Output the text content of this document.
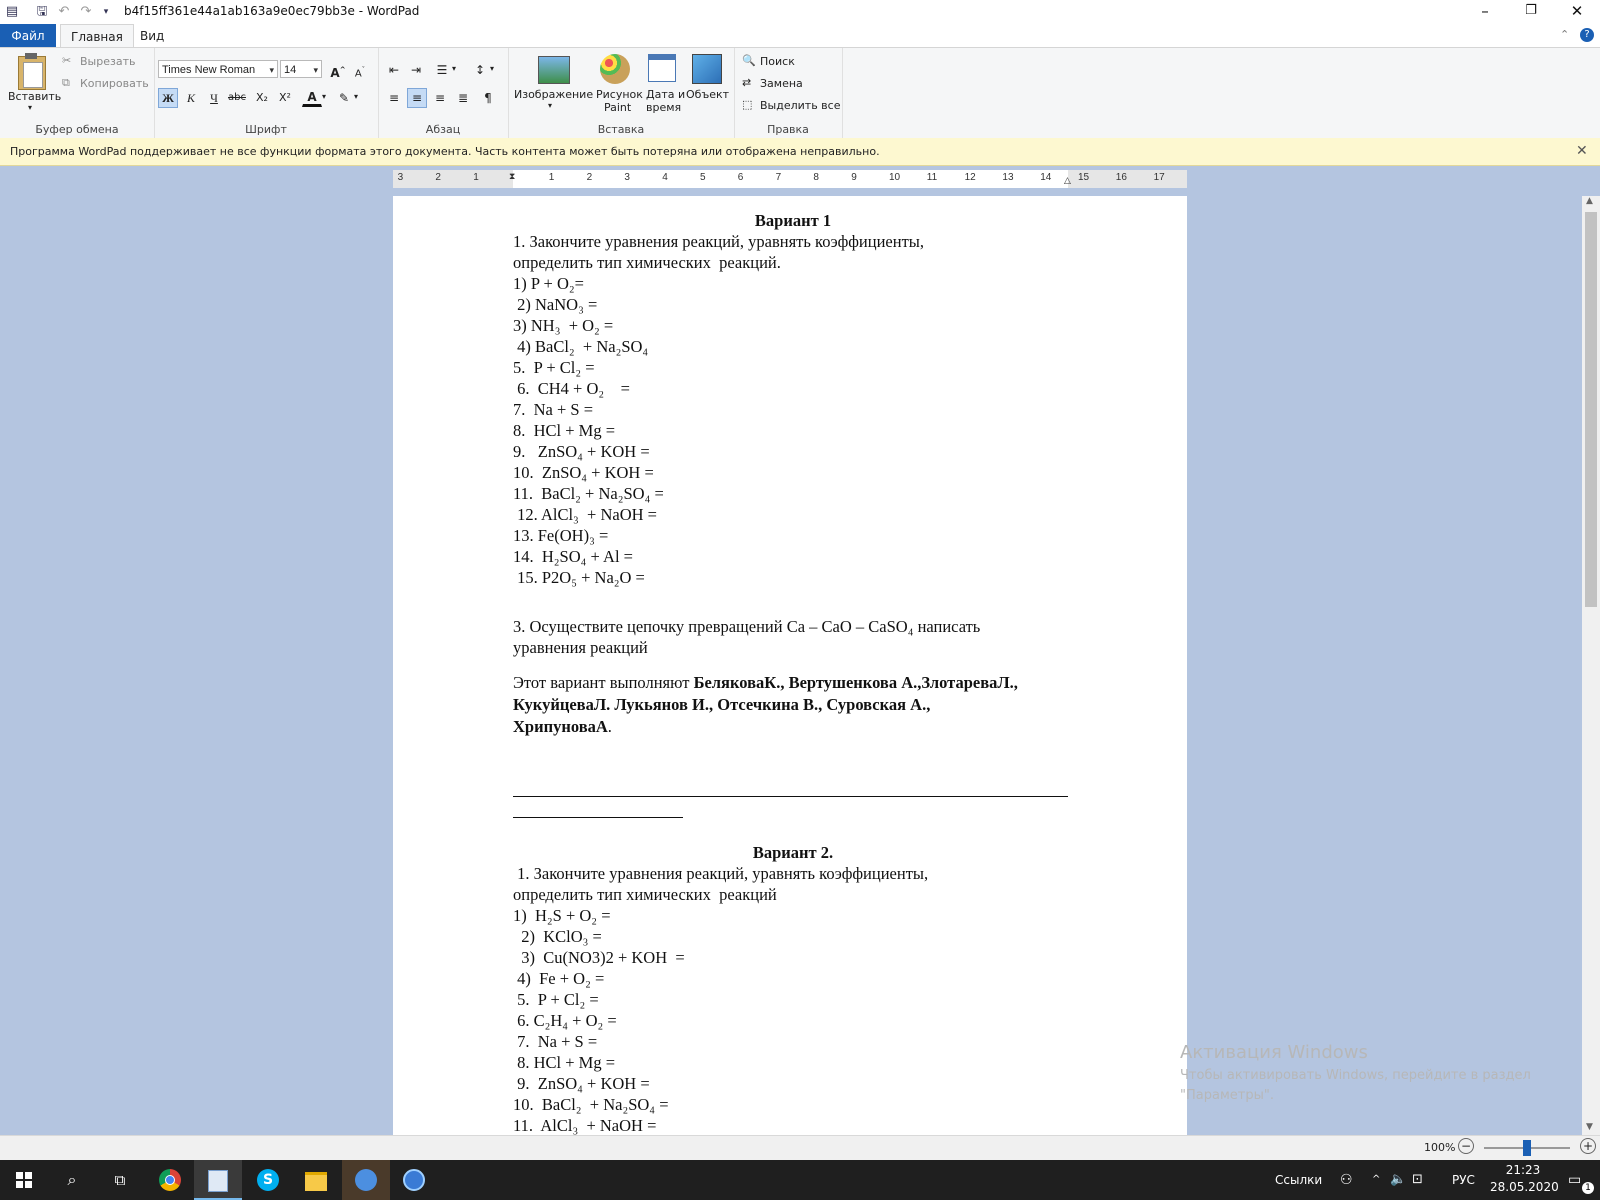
▤ 🖫 ↶ ↷	▾	b4f15ff361e44a1ab163a9e0ec79bb3e - WordPad	–	❐	✕
Файл	Главная	Вид	⌃	?
Вставить
▾
✂ Вырезать
⧉ Копировать
Буфер обмена
Times New Roman ▾ 14 ▾ A^ $A^ˇ$
Ж	К	Ч	abc X₂	X²	A ▾	✎ ▾
Шрифт
⇤ ⇥	☰ ▾	↕ ▾
≡	≡	≡	≣	¶
Абзац
Изображение
▾
Рисунок
Paint
Дата и
время
Объект
Вставка
🔍 Поиск
⇄ Замена
⬚ Выделить все
Правка
Программа WordPad поддерживает не все функции формата этого документа. Часть контента может быть потеряна или отображена неправильно.	✕
⧗	△
3	2	1	1	2	3	4	5	6	7	8	9	10	11	12	13	14	15	16	17
Вариант 1
1. Закончите уравнения реакций, уравнять коэффициенты,
определить тип химических  реакций.
1) P + O₂=
2) NaNO₃ =
3) NH₃  + O₂ =
4) BaCl₂  + Na₂SO₄
5.  P + Cl₂ =
6.  CH4 + O₂    =
7.  Na + S =
8.  HCl + Mg =
9.   ZnSO₄ + KOH =
10.  ZnSO₄ + KOH =
11.  BaCl₂ + Na₂SO₄ =
12. AlCl₃  + NaOH =
13. Fe(OH)₃ =
14.  H₂SO₄ + Al =
15. P2O₅ + Na₂O =
3. Осуществите цепочку превращений Ca – CaO – CaSO₄ написать
уравнения реакций
Этот вариант выполняют БеляковаК., Вертушенкова А.,ЗлотареваЛ., КукуйцеваЛ. Лукьянов И., Отсечкина В., Суровская А., ХрипуноваА.
Вариант 2.
1. Закончите уравнения реакций, уравнять коэффициенты,
определить тип химических  реакций
1)  H₂S + O₂ =
2)  KClO₃ =
3)  Cu(NO3)2 + KOH  =
4)  Fe + O₂ =
5.  P + Cl₂ =
6. C₂H₄ + O₂ =
7.  Na + S =
8. HCl + Mg =
9.  ZnSO₄ + KOH =
10.  BaCl₂  + Na₂SO₄ =
11.  AlCl₃  + NaOH =
Активация Windows
Чтобы активировать Windows, перейдите в раздел
"Параметры".
▲
▼
100% −	+
⌕	⧉	S	Ссылки ⚇ ^ 🔈 ⊡ РУС
21:23
28.05.2020 ▭ 1
